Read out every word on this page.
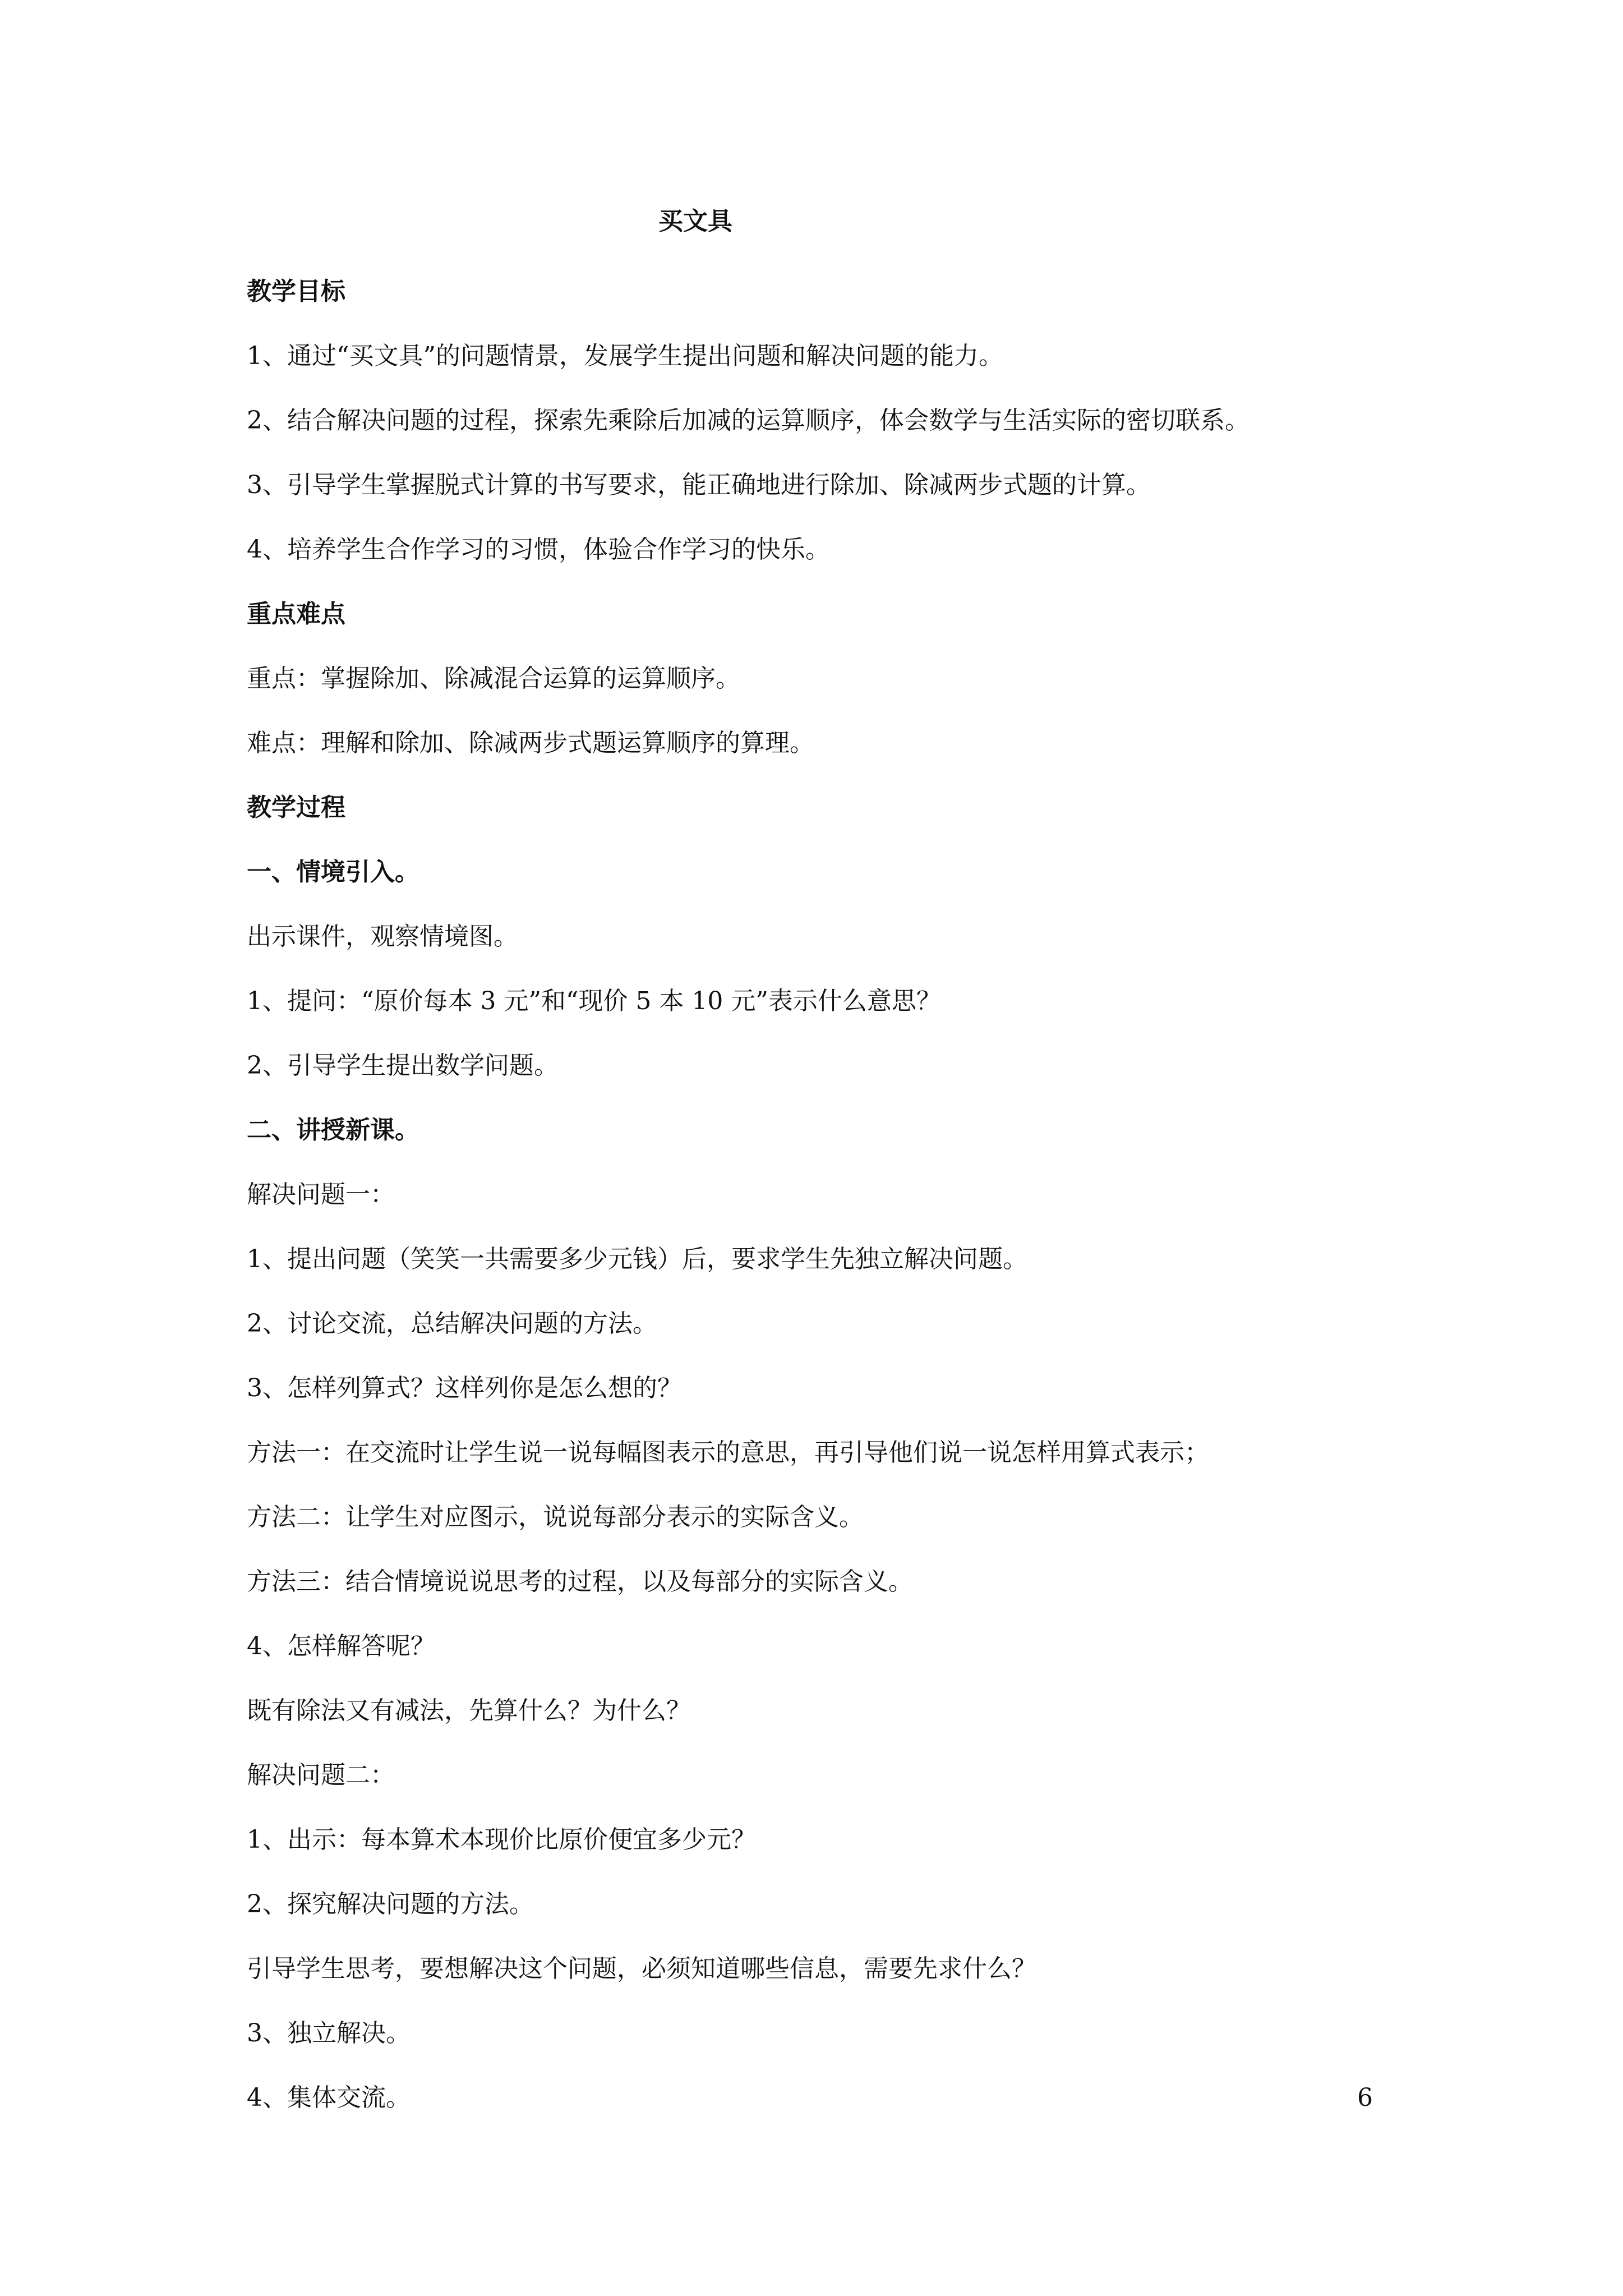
买文具
教学目标
1、通过“买文具”的问题情景，发展学生提出问题和解决问题的能力。
2、结合解决问题的过程，探索先乘除后加减的运算顺序，体会数学与生活实际的密切联系。
3、引导学生掌握脱式计算的书写要求，能正确地进行除加、除减两步式题的计算。
4、培养学生合作学习的习惯，体验合作学习的快乐。
重点难点
重点：掌握除加、除减混合运算的运算顺序。
难点：理解和除加、除减两步式题运算顺序的算理。
教学过程
一、情境引入。
出示课件，观察情境图。
1、提问：“原价每本 3 元”和“现价 5 本 10 元”表示什么意思？
2、引导学生提出数学问题。
二、讲授新课。
解决问题一：
1、提出问题（笑笑一共需要多少元钱）后，要求学生先独立解决问题。
2、讨论交流，总结解决问题的方法。
3、怎样列算式？这样列你是怎么想的？
方法一：在交流时让学生说一说每幅图表示的意思，再引导他们说一说怎样用算式表示；
方法二：让学生对应图示，说说每部分表示的实际含义。
方法三：结合情境说说思考的过程，以及每部分的实际含义。
4、怎样解答呢？
既有除法又有减法，先算什么？为什么？
解决问题二：
1、出示：每本算术本现价比原价便宜多少元？
2、探究解决问题的方法。
引导学生思考，要想解决这个问题，必须知道哪些信息，需要先求什么？
3、独立解决。
4、集体交流。	6
